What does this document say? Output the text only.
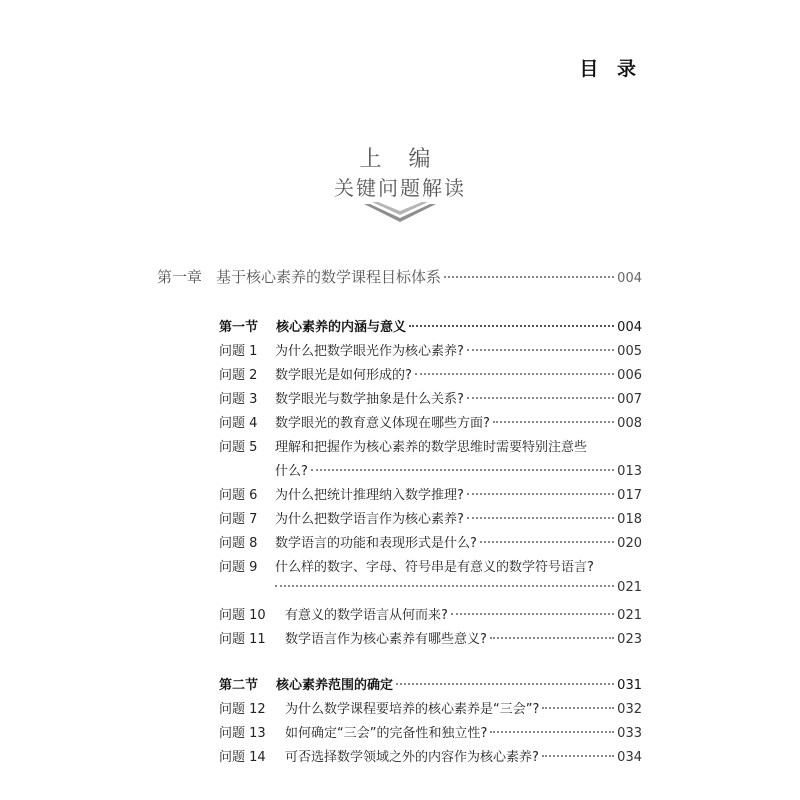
目 录
上 编
关键问题解读
第一章 基于核心素养的数学课程目标体系	004
第一节 核心素养的内涵与意义	004
问题 1	为什么把数学眼光作为核心素养?	005
问题 2	数学眼光是如何形成的?	006
问题 3	数学眼光与数学抽象是什么关系?	007
问题 4	数学眼光的教育意义体现在哪些方面?	008
问题 5	理解和把握作为核心素养的数学思维时需要特别注意些
什么?	013
问题 6	为什么把统计推理纳入数学推理?	017
问题 7	为什么把数学语言作为核心素养?	018
问题 8	数学语言的功能和表现形式是什么?	020
问题 9	什么样的数字、字母、符号串是有意义的数学符号语言?
021
问题 10	有意义的数学语言从何而来?	021
问题 11	数学语言作为核心素养有哪些意义?	023
第二节 核心素养范围的确定	031
问题 12	为什么数学课程要培养的核心素养是“三会”?	032
问题 13	如何确定“三会”的完备性和独立性?	033
问题 14	可否选择数学领域之外的内容作为核心素养?	034
